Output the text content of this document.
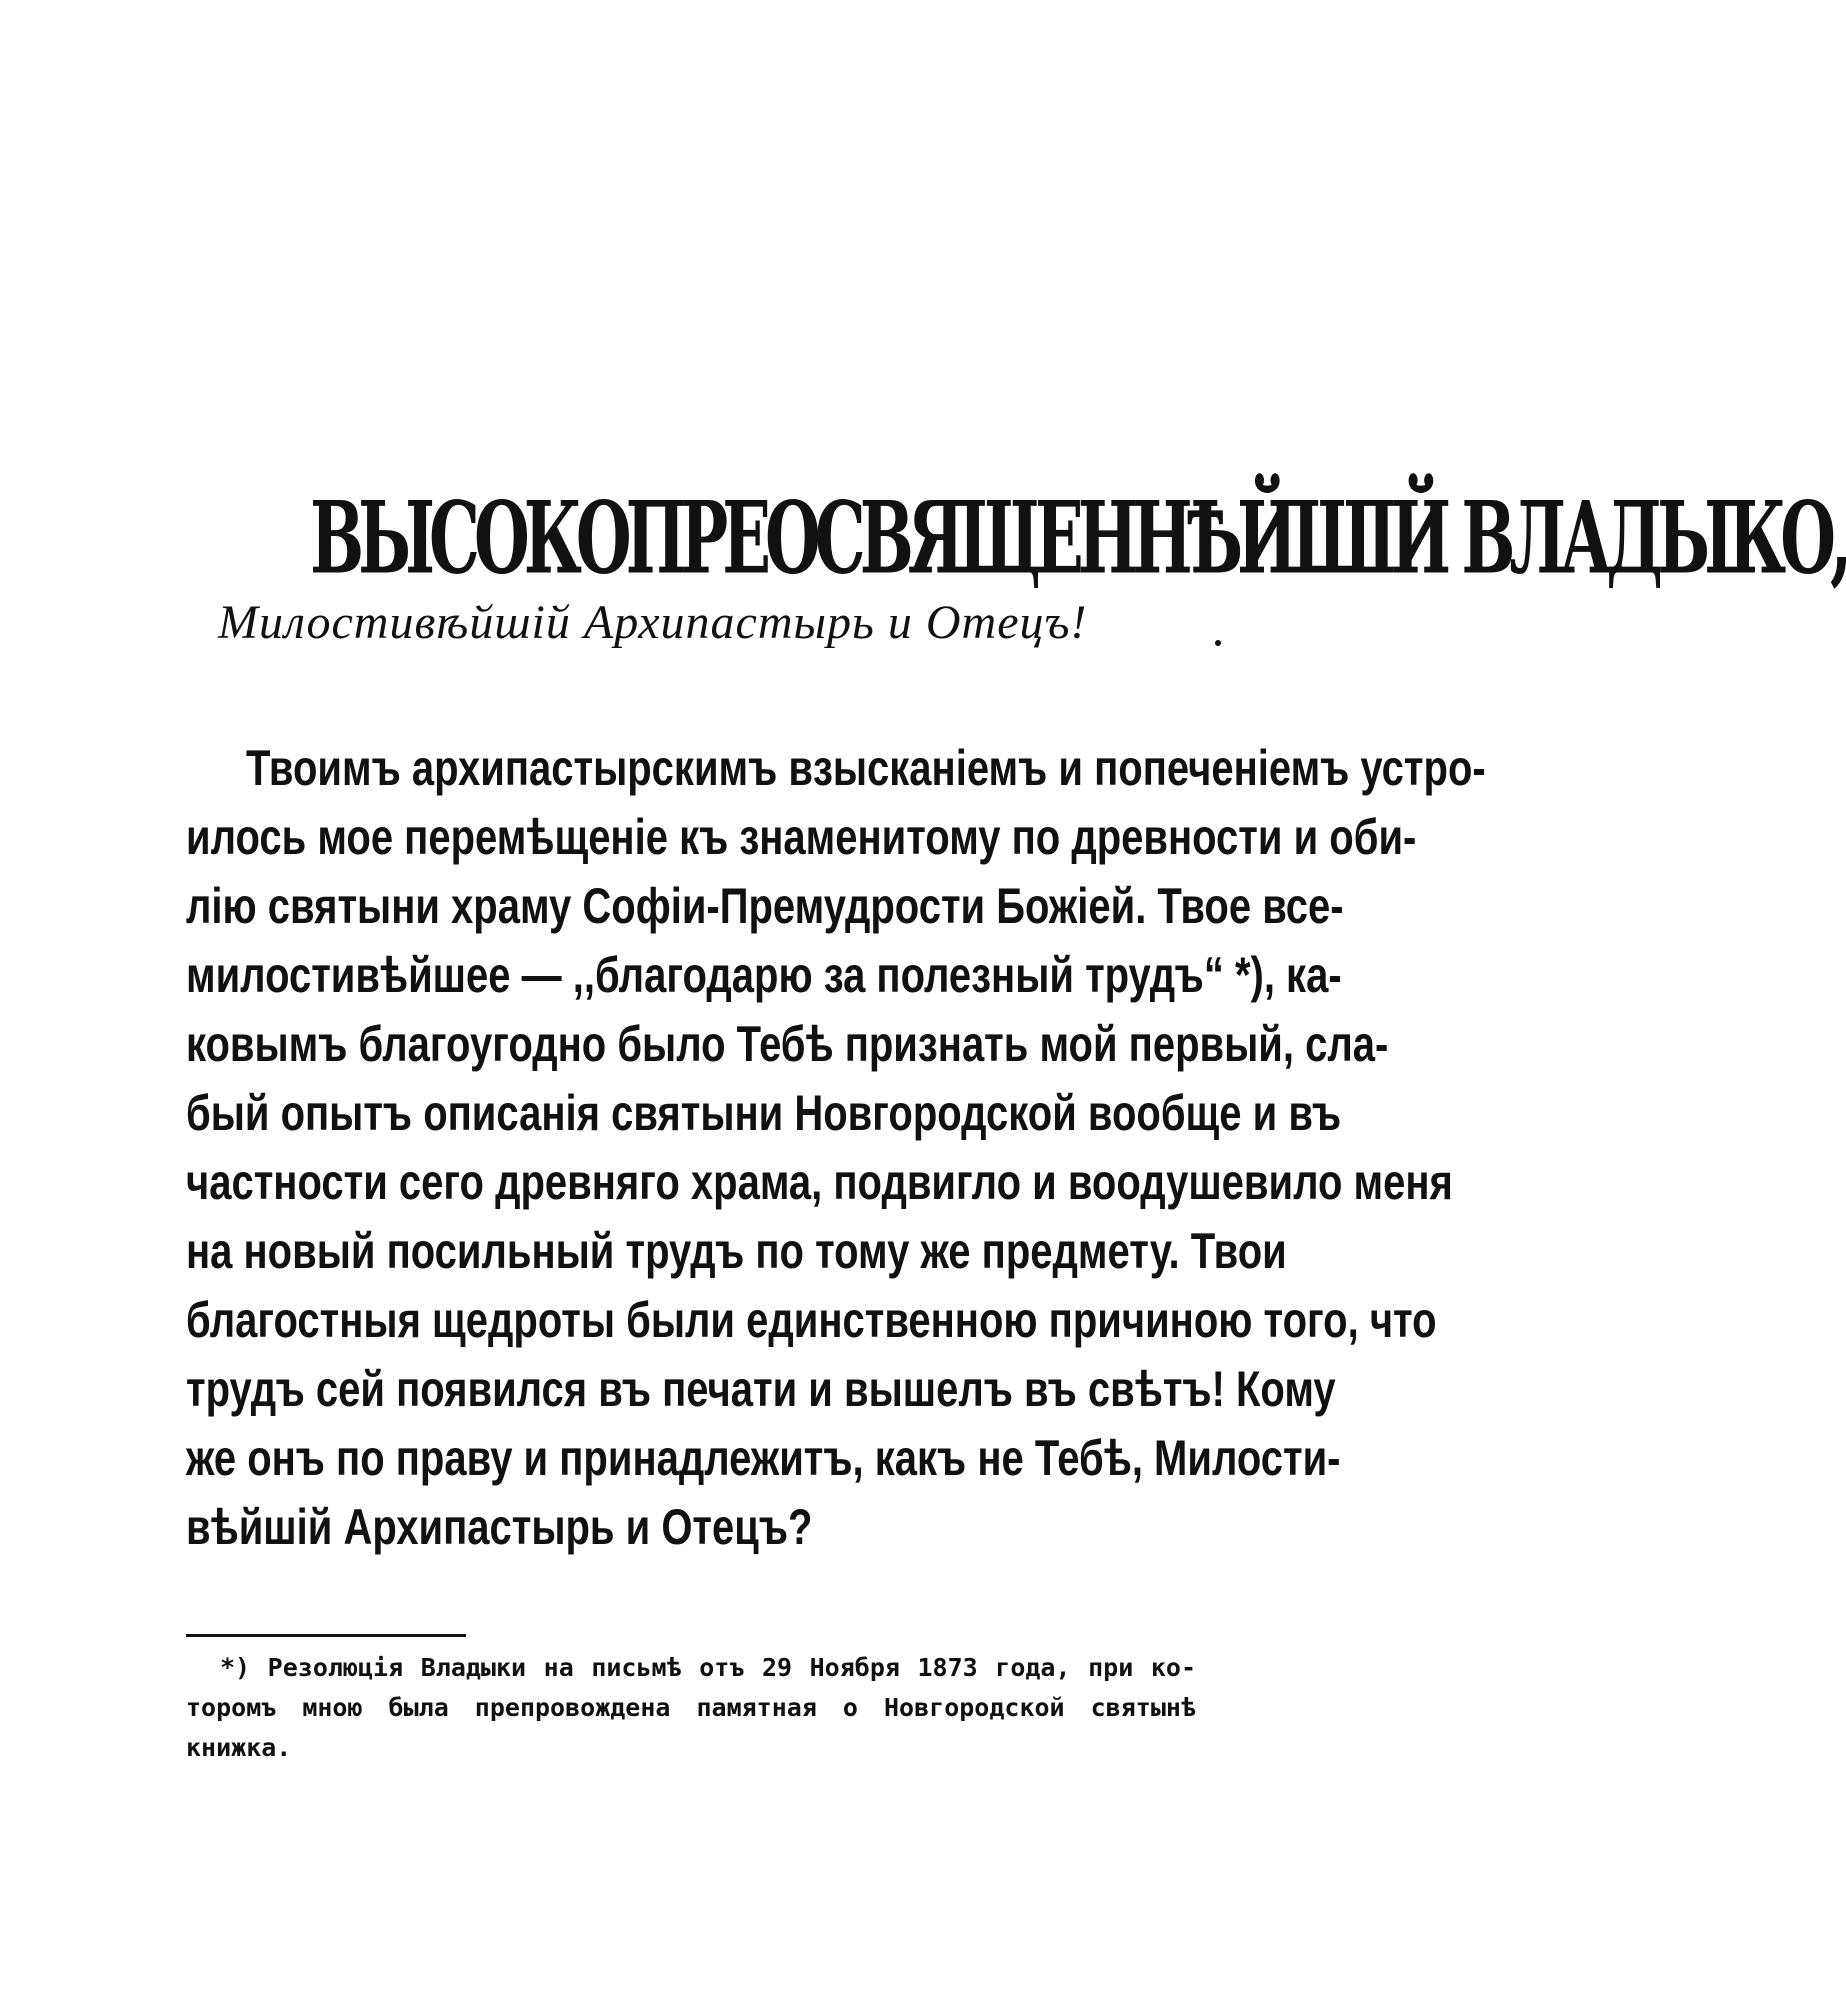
ВЫСОКОПРЕОСВЯЩЕННѢЙШІЙ ВЛАДЫКО,
Милостивѣйшій Архипастырь и Отецъ!
Твоимъ архипастырскимъ взысканіемъ и попеченіемъ устро-
илось мое перемѣщеніе къ знаменитому по древности и оби-
лію святыни храму Софіи-Премудрости Божіей. Твое все-
милостивѣйшее — ,,благодарю за полезный трудъ“ *), ка-
ковымъ благоугодно было Тебѣ признать мой первый, сла-
бый опытъ описанія святыни Новгородской вообще и въ
частности сего древняго храма, подвигло и воодушевило меня
на новый посильный трудъ по тому же предмету. Твои
благостныя щедроты были единственною причиною того, что
трудъ сей появился въ печати и вышелъ въ свѣтъ! Кому
же онъ по праву и принадлежитъ, какъ не Тебѣ, Милости-
вѣйшій Архипастырь и Отецъ?
*) Резолюція Владыки на письмѣ отъ 29 Ноября 1873 года, при ко-
торомъ мною была препровождена памятная о Новгородской святынѣ
книжка.
